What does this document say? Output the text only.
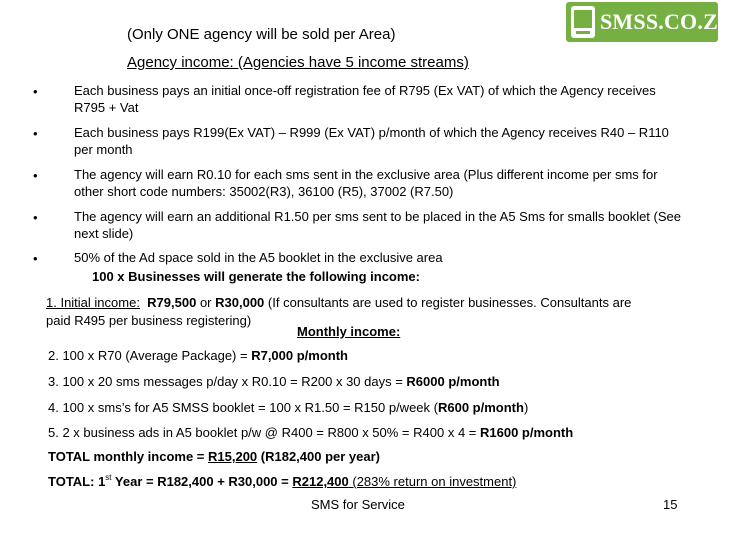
(Only ONE agency will be sold per Area)
Agency income: (Agencies have 5 income streams)
SMSS.CO.ZA
•	Each business pays an initial once-off registration fee of R795 (Ex VAT) of which the Agency receives R795 + Vat
•	Each business pays R199(Ex VAT) – R999 (Ex VAT) p/month of which the Agency receives R40 – R110 per month
•	The agency will earn R0.10 for each sms sent in the exclusive area (Plus different income per sms for other short code numbers: 35002(R3), 36100 (R5), 37002 (R7.50)
•	The agency will earn an additional R1.50 per sms sent to be placed in the A5 Sms for smalls booklet (See next slide)
•	50% of the Ad space sold in the A5 booklet in the exclusive area
100 x Businesses will generate the following income:
1. Initial income: R79,500 or R30,000 (If consultants are used to register businesses. Consultants are
paid R495 per business registering)
Monthly income:
2. 100 x R70 (Average Package) = R7,000 p/month
3. 100 x 20 sms messages p/day x R0.10 = R200 x 30 days = R6000 p/month
4. 100 x sms’s for A5 SMSS booklet = 100 x R1.50 = R150 p/week (R600 p/month)
5. 2 x business ads in A5 booklet p/w @ R400 = R800 x 50% = R400 x 4 = R1600 p/month
TOTAL monthly income = R15,200 (R182,400 per year)
TOTAL: 1st Year = R182,400 + R30,000 = R212,400 (283% return on investment)
SMS for Service	15
